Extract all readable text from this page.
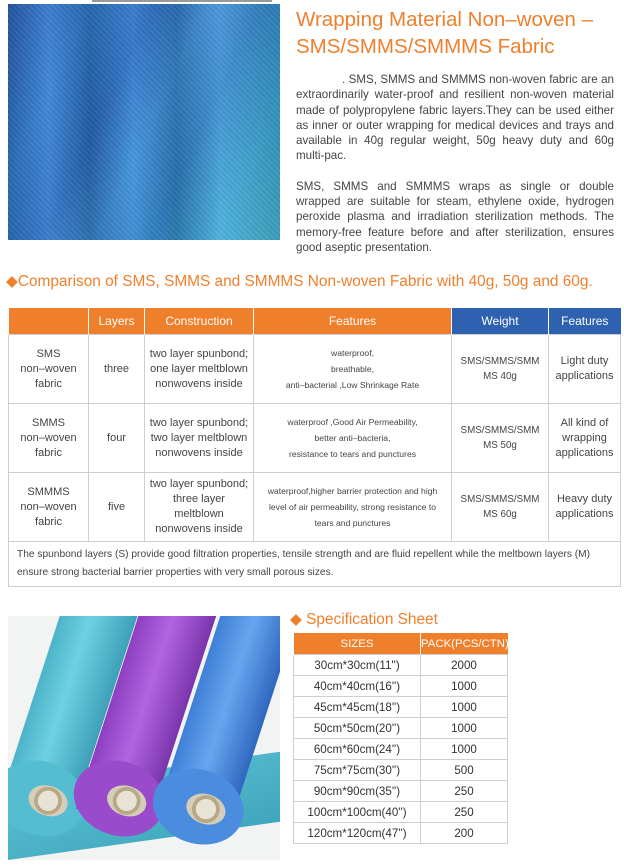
Wrapping Material Non–woven –
SMS/SMMS/SMMMS Fabric

. SMS, SMMS and SMMMS non-woven fabric are an extraordinarily water-proof and resilient non-woven material made of polypropylene fabric layers.They can be used either as inner or outer wrapping for medical devices and trays and available in 40g regular weight, 50g heavy duty and 60g multi-pac.

SMS, SMMS and SMMMS wraps as single or double wrapped are suitable for steam, ethylene oxide, hydrogen peroxide plasma and irradiation sterilization methods. The memory-free feature before and after sterilization, ensures good aseptic presentation.

◆Comparison of SMS, SMMS and SMMMS Non-woven Fabric with 40g, 50g and 60g.
	Layers	Construction	Features	Weight	Features
SMS
non–woven
fabric	three	two layer spunbond;
one layer meltblown
nonwovens inside	waterproof,
breathable,
anti–bacterial ,Low Shrinkage Rate	SMS/SMMS/SMM
MS 40g	Light duty
applications
SMMS
non–woven
fabric	four	two layer spunbond;
two layer meltblown
nonwovens inside	waterproof ,Good Air Permeability,
better anti–bacteria,
resistance to tears and punctures	SMS/SMMS/SMM
MS 50g	All kind of
wrapping
applications
SMMMS
non–woven
fabric	five	two layer spunbond;
three layer meltblown
nonwovens inside	waterproof,higher barrier protection and high
level of air permeability, strong resistance to
tears and punctures	SMS/SMMS/SMM
MS 60g	Heavy duty
applications
The spunbond layers (S) provide good filtration properties, tensile strength and are fluid repellent while the meltbown layers (M) ensure strong bacterial barrier properties with very small porous sizes.					
◆ Specification Sheet
SIZES	PACK(PCS/CTN)
30cm*30cm(11'')	2000
40cm*40cm(16'')	1000
45cm*45cm(18'')	1000
50cm*50cm(20'')	1000
60cm*60cm(24'')	1000
75cm*75cm(30'')	500
90cm*90cm(35'')	250
100cm*100cm(40'')	250
120cm*120cm(47'')	200
